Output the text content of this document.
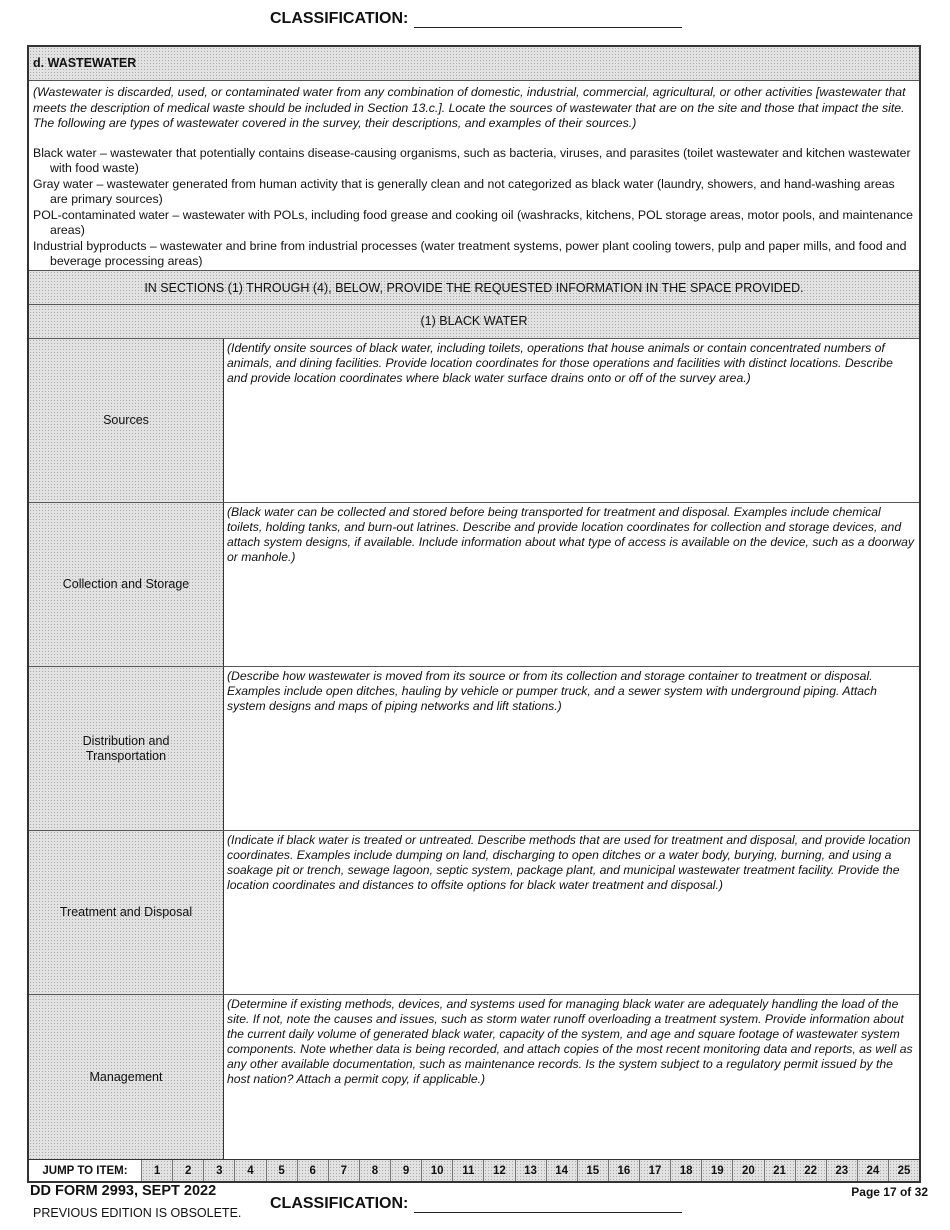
CLASSIFICATION:
d. WASTEWATER

(Wastewater is discarded, used, or contaminated water from any combination of domestic, industrial, commercial, agricultural, or other activities [wastewater that meets the description of medical waste should be included in Section 13.c.]. Locate the sources of wastewater that are on the site and those that impact the site. The following are types of wastewater covered in the survey, their descriptions, and examples of their sources.)

Black water – wastewater that potentially contains disease-causing organisms, such as bacteria, viruses, and parasites (toilet wastewater and kitchen wastewater with food waste)

Gray water – wastewater generated from human activity that is generally clean and not categorized as black water (laundry, showers, and hand-washing areas are primary sources)

POL-contaminated water – wastewater with POLs, including food grease and cooking oil (washracks, kitchens, POL storage areas, motor pools, and maintenance areas)

Industrial byproducts – wastewater and brine from industrial processes (water treatment systems, power plant cooling towers, pulp and paper mills, and food and beverage processing areas)

IN SECTIONS (1) THROUGH (4), BELOW, PROVIDE THE REQUESTED INFORMATION IN THE SPACE PROVIDED.
(1) BLACK WATER
Sources
(Identify onsite sources of black water, including toilets, operations that house animals or contain concentrated numbers of animals, and dining facilities. Provide location coordinates for those operations and facilities with distinct locations. Describe and provide location coordinates where black water surface drains onto or off of the survey area.)
Collection and Storage
(Black water can be collected and stored before being transported for treatment and disposal. Examples include chemical toilets, holding tanks, and burn-out latrines. Describe and provide location coordinates for collection and storage devices, and attach system designs, if available. Include information about what type of access is available on the device, such as a doorway or manhole.)
Distribution and Transportation
(Describe how wastewater is moved from its source or from its collection and storage container to treatment or disposal. Examples include open ditches, hauling by vehicle or pumper truck, and a sewer system with underground piping. Attach system designs and maps of piping networks and lift stations.)
Treatment and Disposal
(Indicate if black water is treated or untreated. Describe methods that are used for treatment and disposal, and provide location coordinates. Examples include dumping on land, discharging to open ditches or a water body, burying, burning, and using a soakage pit or trench, sewage lagoon, septic system, package plant, and municipal wastewater treatment facility. Provide the location coordinates and distances to offsite options for black water treatment and disposal.)
Management
(Determine if existing methods, devices, and systems used for managing black water are adequately handling the load of the site. If not, note the causes and issues, such as storm water runoff overloading a treatment system. Provide information about the current daily volume of generated black water, capacity of the system, and age and square footage of wastewater system components. Note whether data is being recorded, and attach copies of the most recent monitoring data and reports, as well as any other available documentation, such as maintenance records. Is the system subject to a regulatory permit issued by the host nation? Attach a permit copy, if applicable.)
JUMP TO ITEM:	1	2	3	4	5	6	7	8	9	10	11	12	13	14	15	16	17	18	19	20	21	22	23	24	25
DD FORM 2993, SEPT 2022
PREVIOUS EDITION IS OBSOLETE.
Page 17 of 32
CLASSIFICATION:
